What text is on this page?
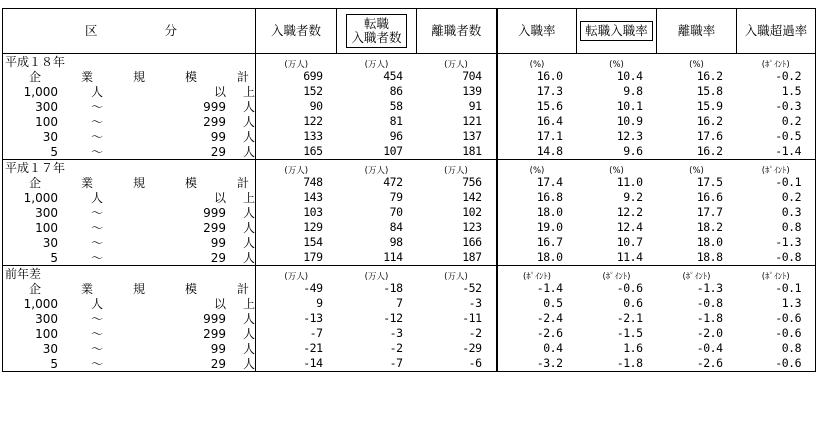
区 分	入職者数	転職
入職者数	離職者数	入職率	転職入職率	離職率	入職超過率
平成１８年	(万人)	(万人)	(万人)	(%)	(%)	(%)	(ﾎﾟｲﾝﾄ)

企 業 規 模 計	699	454	704	16.0	10.4	16.2	-0.2

1,000 人 以 上	152	86	139	17.3	9.8	15.8	1.5

300 ～ 999 人	90	58	91	15.6	10.1	15.9	-0.3

100 ～ 299 人	122	81	121	16.4	10.9	16.2	0.2

30 ～ 99 人	133	96	137	17.1	12.3	17.6	-0.5

5 ～ 29 人	165	107	181	14.8	9.6	16.2	-1.4
平成１７年	(万人)	(万人)	(万人)	(%)	(%)	(%)	(ﾎﾟｲﾝﾄ)

企 業 規 模 計	748	472	756	17.4	11.0	17.5	-0.1

1,000 人 以 上	143	79	142	16.8	9.2	16.6	0.2

300 ～ 999 人	103	70	102	18.0	12.2	17.7	0.3

100 ～ 299 人	129	84	123	19.0	12.4	18.2	0.8

30 ～ 99 人	154	98	166	16.7	10.7	18.0	-1.3

5 ～ 29 人	179	114	187	18.0	11.4	18.8	-0.8
前年差	(万人)	(万人)	(万人)	(ﾎﾟｲﾝﾄ)	(ﾎﾟｲﾝﾄ)	(ﾎﾟｲﾝﾄ)	(ﾎﾟｲﾝﾄ)

企 業 規 模 計	-49	-18	-52	-1.4	-0.6	-1.3	-0.1

1,000 人 以 上	9	7	-3	0.5	0.6	-0.8	1.3

300 ～ 999 人	-13	-12	-11	-2.4	-2.1	-1.8	-0.6

100 ～ 299 人	-7	-3	-2	-2.6	-1.5	-2.0	-0.6

30 ～ 99 人	-21	-2	-29	0.4	1.6	-0.4	0.8

5 ～ 29 人	-14	-7	-6	-3.2	-1.8	-2.6	-0.6
